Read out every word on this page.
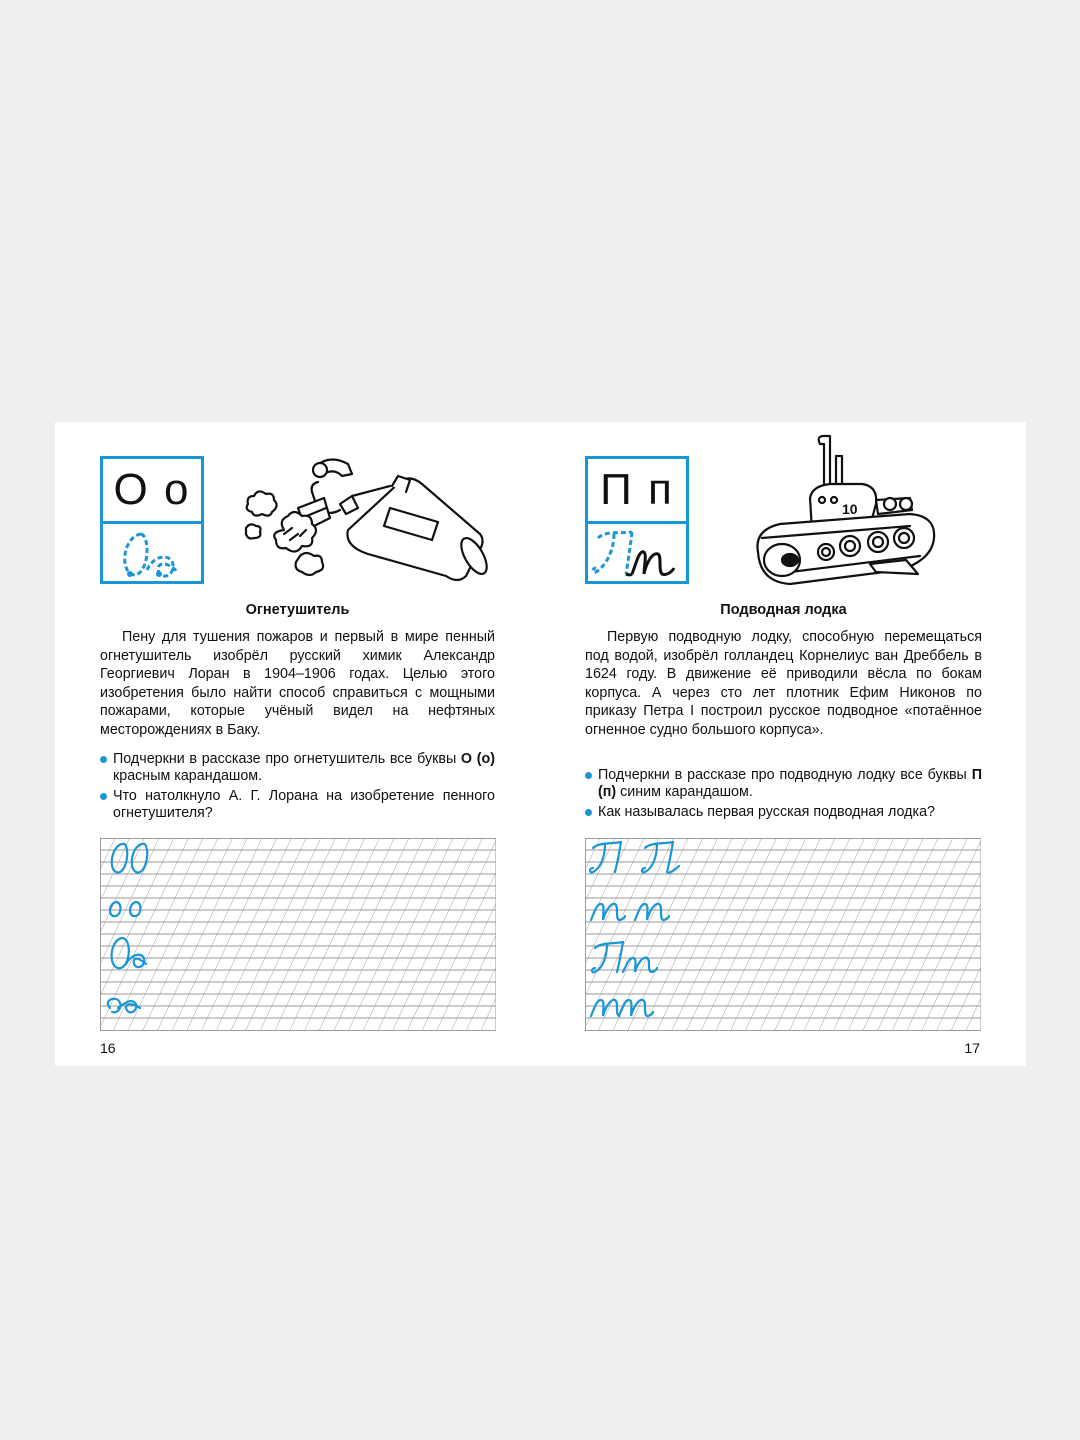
О о
Огнетушитель
Пену для тушения пожаров и первый в мире пенный огнетушитель изобрёл русский химик Александр Георгиевич Лоран в 1904–1906 годах. Целью этого изобретения было найти способ справиться с мощными пожарами, которые учёный видел на нефтяных месторождениях в Баку.
Подчеркни в рассказе про огнетушитель все буквы О (о) красным карандашом.
Что натолкнуло А. Г. Лорана на изобретение пенного огнетушителя?
16
П п	10
Подводная лодка
Первую подводную лодку, способную перемещаться под водой, изобрёл голландец Корнелиус ван Дреббель в 1624 году. В движение её приводили вёсла по бокам корпуса. А через сто лет плотник Ефим Никонов по приказу Петра I построил русское подводное «потаённое огненное судно большого корпуса».
Подчеркни в рассказе про подводную лодку все буквы П (п) синим карандашом.
Как называлась первая русская подводная лодка?
17
